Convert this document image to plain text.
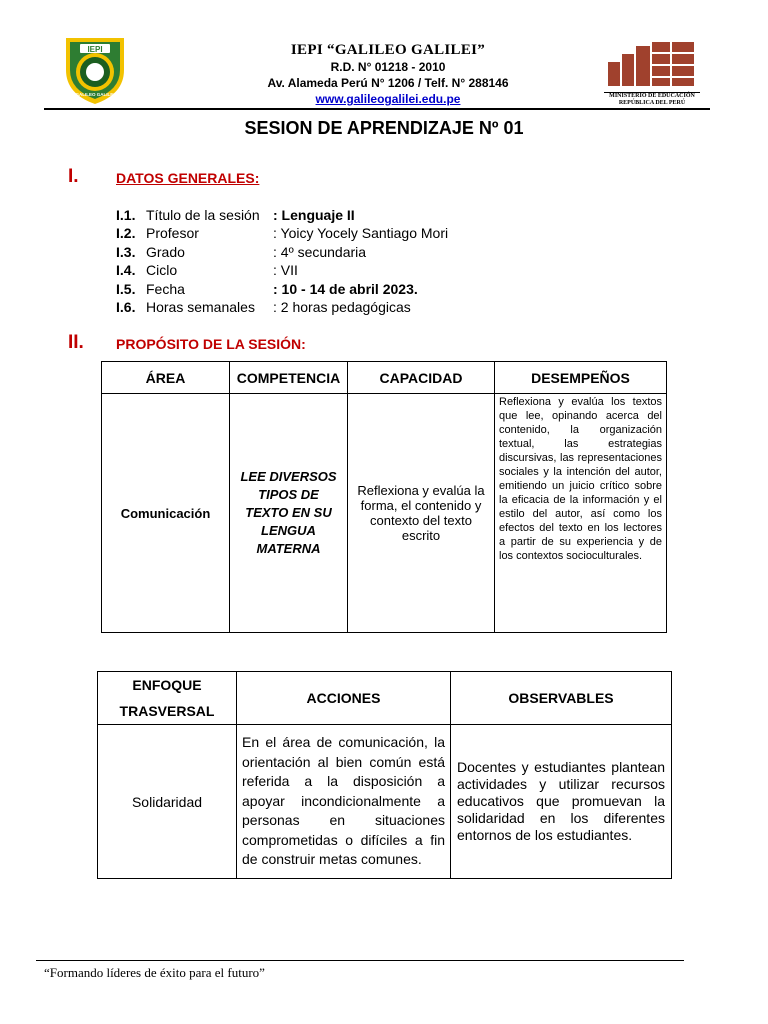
IEPI
GALILEO GALILEI
IEPI “GALILEO GALILEI”
R.D. N° 01218 - 2010
Av. Alameda Perú N° 1206 / Telf. N° 288146
www.galileogalilei.edu.pe	MINISTERIO DE EDUCACIÓN
REPÚBLICA DEL PERÚ
SESION DE APRENDIZAJE Nº 01
I.	DATOS GENERALES:
I.1. Título de la sesión : Lenguaje II
I.2. Profesor	: Yoicy Yocely Santiago Mori
I.3. Grado	: 4º secundaria
I.4. Ciclo	: VII
I.5. Fecha	: 10 - 14 de abril 2023.
I.6. Horas semanales	: 2 horas pedagógicas
II. PROPÓSITO DE LA SESIÓN:
ÁREA	COMPETENCIA	CAPACIDAD	DESEMPEÑOS
Comunicación	LEE DIVERSOS TIPOS DE TEXTO EN SU LENGUA MATERNA	Reflexiona y evalúa la forma, el contenido y contexto del texto escrito	Reflexiona y evalúa los textos que lee, opinando acerca del contenido, la organización textual, las estrategias discursivas, las representaciones sociales y la intención del autor, emitiendo un juicio crítico sobre la eficacia de la información y el estilo del autor, así como los efectos del texto en los lectores a partir de su experiencia y de los contextos socioculturales.
ENFOQUE
TRASVERSAL	ACCIONES	OBSERVABLES
Solidaridad	En el área de comunicación, la orientación al bien común está referida a la disposición a apoyar incondicionalmente a personas en situaciones comprometidas o difíciles a fin de construir metas comunes.	Docentes y estudiantes plantean actividades y utilizar recursos educativos que promuevan la solidaridad en los diferentes entornos de los estudiantes.
“Formando líderes de éxito para el futuro”
